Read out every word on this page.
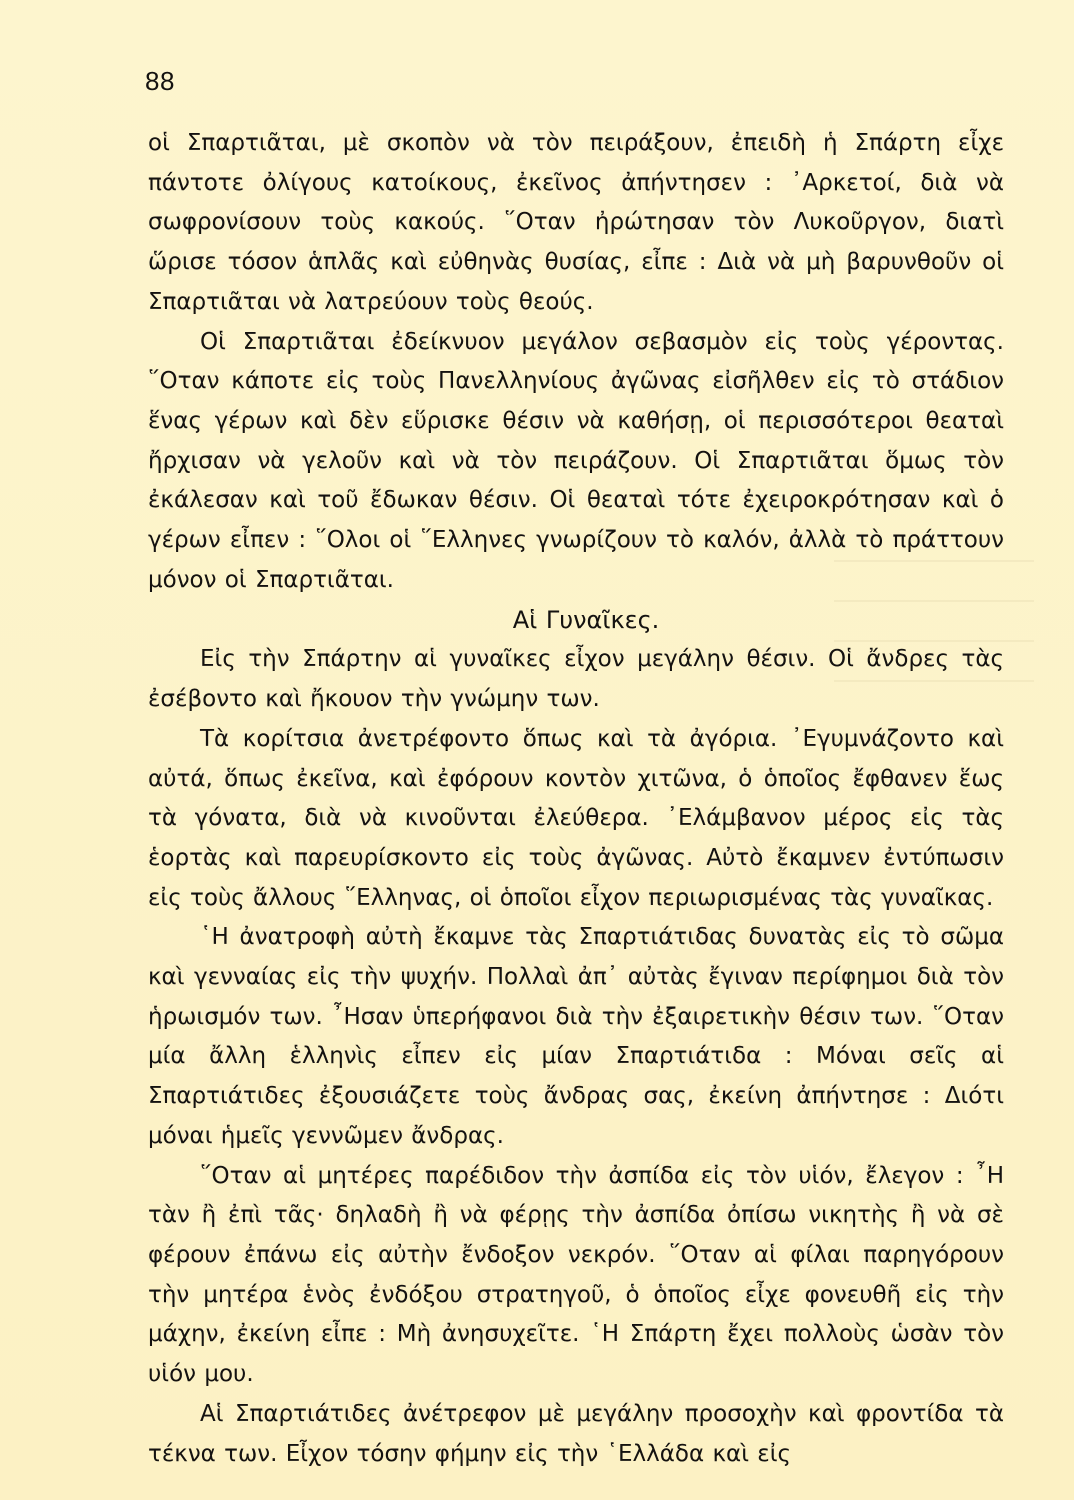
88

οἱ Σπαρτιᾶται, μὲ σκοπὸν νὰ τὸν πειράξουν, ἐπειδὴ ἡ Σπάρτη εἶχε πάντοτε ὀλίγους κατοίκους, ἐκεῖνος ἀπήντησεν : ᾿Αρκετοί, διὰ νὰ σωφρονίσουν τοὺς κακούς. ῞Οταν ἠρώτησαν τὸν Λυκοῦργον, διατὶ ὥρισε τόσον ἁπλᾶς καὶ εὐθηνὰς θυσίας, εἶπε : Διὰ νὰ μὴ βαρυνθοῦν οἱ Σπαρτιᾶται νὰ λατρεύουν τοὺς θεούς.

Οἱ Σπαρτιᾶται ἐδείκνυον μεγάλον σεβασμὸν εἰς τοὺς γέροντας. ῞Οταν κάποτε εἰς τοὺς Πανελληνίους ἀγῶνας εἰσῆλθεν εἰς τὸ στάδιον ἕνας γέρων καὶ δὲν εὕρισκε θέσιν νὰ καθήσῃ, οἱ περισσότεροι θεαταὶ ἤρχισαν νὰ γελοῦν καὶ νὰ τὸν πειράζουν. Οἱ Σπαρτιᾶται ὅμως τὸν ἐκάλεσαν καὶ τοῦ ἔδωκαν θέσιν. Οἱ θεαταὶ τότε ἐχειροκρότησαν καὶ ὁ γέρων εἶπεν : ῞Ολοι οἱ ῞Ελληνες γνωρίζουν τὸ καλόν, ἀλλὰ τὸ πράττουν μόνον οἱ Σπαρτιᾶται.

Αἱ Γυναῖκες.

Εἰς τὴν Σπάρτην αἱ γυναῖκες εἶχον μεγάλην θέσιν. Οἱ ἄνδρες τὰς ἐσέβοντο καὶ ἤκουον τὴν γνώμην των.

Τὰ κορίτσια ἀνετρέφοντο ὅπως καὶ τὰ ἀγόρια. ᾿Εγυμνάζοντο καὶ αὐτά, ὅπως ἐκεῖνα, καὶ ἐφόρουν κοντὸν χιτῶνα, ὁ ὁποῖος ἔφθανεν ἕως τὰ γόνατα, διὰ νὰ κινοῦνται ἐλεύθερα. ᾿Ελάμβανον μέρος εἰς τὰς ἑορτὰς καὶ παρευρίσκοντο εἰς τοὺς ἀγῶνας. Αὐτὸ ἔκαμνεν ἐντύπωσιν εἰς τοὺς ἄλλους ῞Ελληνας, οἱ ὁποῖοι εἶχον περιωρισμένας τὰς γυναῖκας.

῾Η ἀνατροφὴ αὐτὴ ἔκαμνε τὰς Σπαρτιάτιδας δυνατὰς εἰς τὸ σῶμα καὶ γενναίας εἰς τὴν ψυχήν. Πολλαὶ ἀπ᾿ αὐτὰς ἔγιναν περίφημοι διὰ τὸν ἡρωισμόν των. ῏Ησαν ὑπερήφανοι διὰ τὴν ἐξαιρετικὴν θέσιν των. ῞Οταν μία ἄλλη ἑλληνὶς εἶπεν εἰς μίαν Σπαρτιάτιδα : Μόναι σεῖς αἱ Σπαρτιάτιδες ἐξουσιάζετε τοὺς ἄνδρας σας, ἐκείνη ἀπήντησε : Διότι μόναι ἡμεῖς γεννῶμεν ἄνδρας.

῞Οταν αἱ μητέρες παρέδιδον τὴν ἀσπίδα εἰς τὸν υἱόν, ἔλεγον : ῏Η τὰν ἢ ἐπὶ τᾶς· δηλαδὴ ἢ νὰ φέρῃς τὴν ἀσπίδα ὀπίσω νικητὴς ἢ νὰ σὲ φέρουν ἐπάνω εἰς αὐτὴν ἔνδοξον νεκρόν. ῞Οταν αἱ φίλαι παρηγόρουν τὴν μητέρα ἑνὸς ἐνδόξου στρατηγοῦ, ὁ ὁποῖος εἶχε φονευθῆ εἰς τὴν μάχην, ἐκείνη εἶπε : Μὴ ἀνησυχεῖτε. ῾Η Σπάρτη ἔχει πολλοὺς ὡσὰν τὸν υἱόν μου.

Αἱ Σπαρτιάτιδες ἀνέτρεφον μὲ μεγάλην προσοχὴν καὶ φροντίδα τὰ τέκνα των. Εἶχον τόσην φήμην εἰς τὴν ῾Ελλάδα καὶ εἰς
